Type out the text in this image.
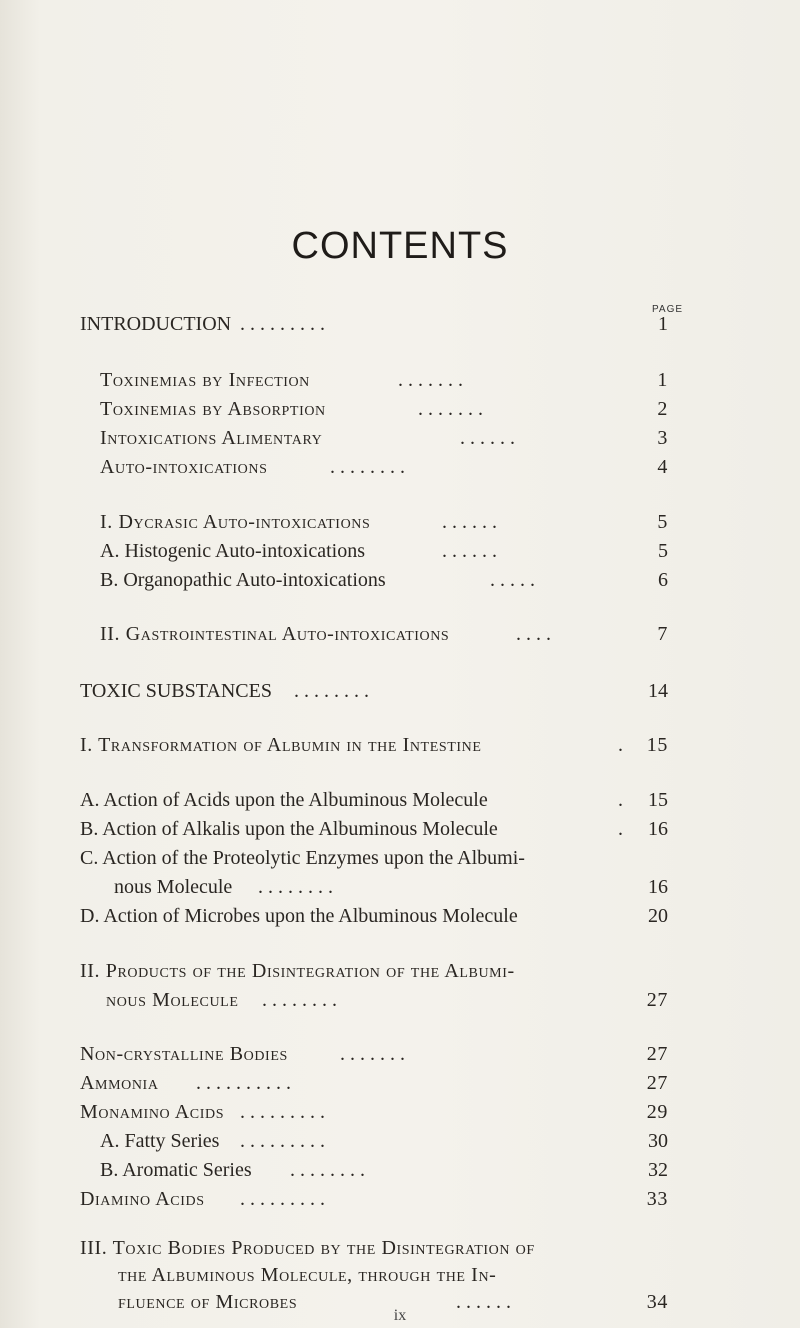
CONTENTS
PAGE
INTRODUCTION . . . . . . . . .	1
Toxinemias by Infection	. . . . . . .	1
Toxinemias by Absorption	. . . . . . .	2
Intoxications Alimentary	. . . . . .	3
Auto-intoxications	. . . . . . . .	4
I. Dycrasic Auto-intoxications	. . . . . .	5
A. Histogenic Auto-intoxications	. . . . . .	5
B. Organopathic Auto-intoxications	. . . . .	6
II. Gastrointestinal Auto-intoxications	. . . .	7
TOXIC SUBSTANCES . . . . . . . .	14
I. Transformation of Albumin in the Intestine	. 15
A. Action of Acids upon the Albuminous Molecule	. 15
B. Action of Alkalis upon the Albuminous Molecule	. 16
C. Action of the Proteolytic Enzymes upon the Albumi-
nous Molecule . . . . . . . .	16
D. Action of Microbes upon the Albuminous Molecule	20
II. Products of the Disintegration of the Albumi-
nous Molecule . . . . . . . .	27
Non-crystalline Bodies	. . . . . . .	27
Ammonia . . . . . . . . . .	27
Monamino Acids . . . . . . . . .	29
A. Fatty Series . . . . . . . . .	30
B. Aromatic Series . . . . . . . .	32
Diamino Acids . . . . . . . . .	33
III. Toxic Bodies Produced by the Disintegration of
the Albuminous Molecule, through the In-
fluence of Microbes	. . . . . .	34
ix
